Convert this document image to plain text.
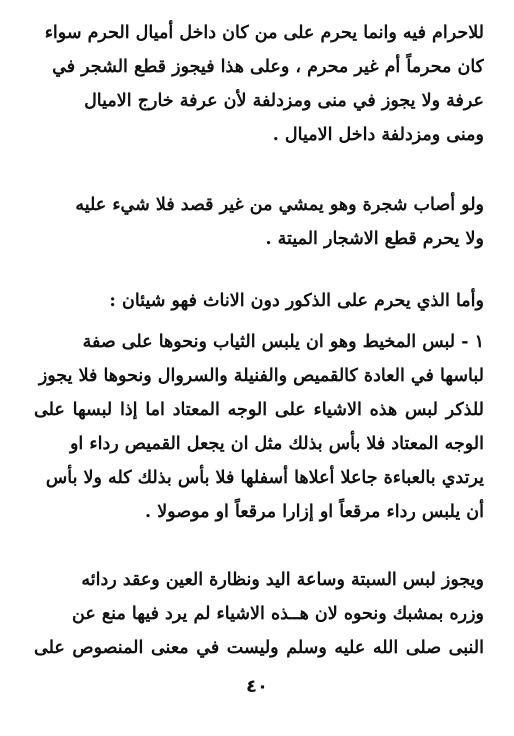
للاحرام فيه وانما يحرم على من كان داخل أميال الحرم سواء
كان محرماً أم غير محرم ، وعلى هذا فيجوز قطع الشجر في
عرفة ولا يجوز في منى ومزدلفة لأن عرفة خارج الاميال
ومنى ومزدلفة داخل الاميال .

ولو أصاب شجرة وهو يمشي من غير قصد فلا شيء عليه
ولا يحرم قطع الاشجار الميتة .

وأما الذي يحرم على الذكور دون الاناث فهو شيئان :

١ - لبس المخيط وهو ان يلبس الثياب ونحوها على صفة
لباسها في العادة كالقميص والفنيلة والسروال ونحوها فلا يجوز
للذكر لبس هذه الاشياء على الوجه المعتاد اما إذا لبسها على
الوجه المعتاد فلا بأس بذلك مثل ان يجعل القميص رداء او
يرتدي بالعباءة جاعلا أعلاها أسفلها فلا بأس بذلك كله ولا بأس
أن يلبس رداء مرقعاً او إزارا مرقعاً او موصولا .

ويجوز لبس السبتة وساعة اليد ونظارة العين وعقد ردائه
وزره بمشبك ونحوه لان هــذه الاشياء لم يرد فيها منع عن
النبى صلى الله عليه وسلم وليست في معنى المنصوص على

٤٠
